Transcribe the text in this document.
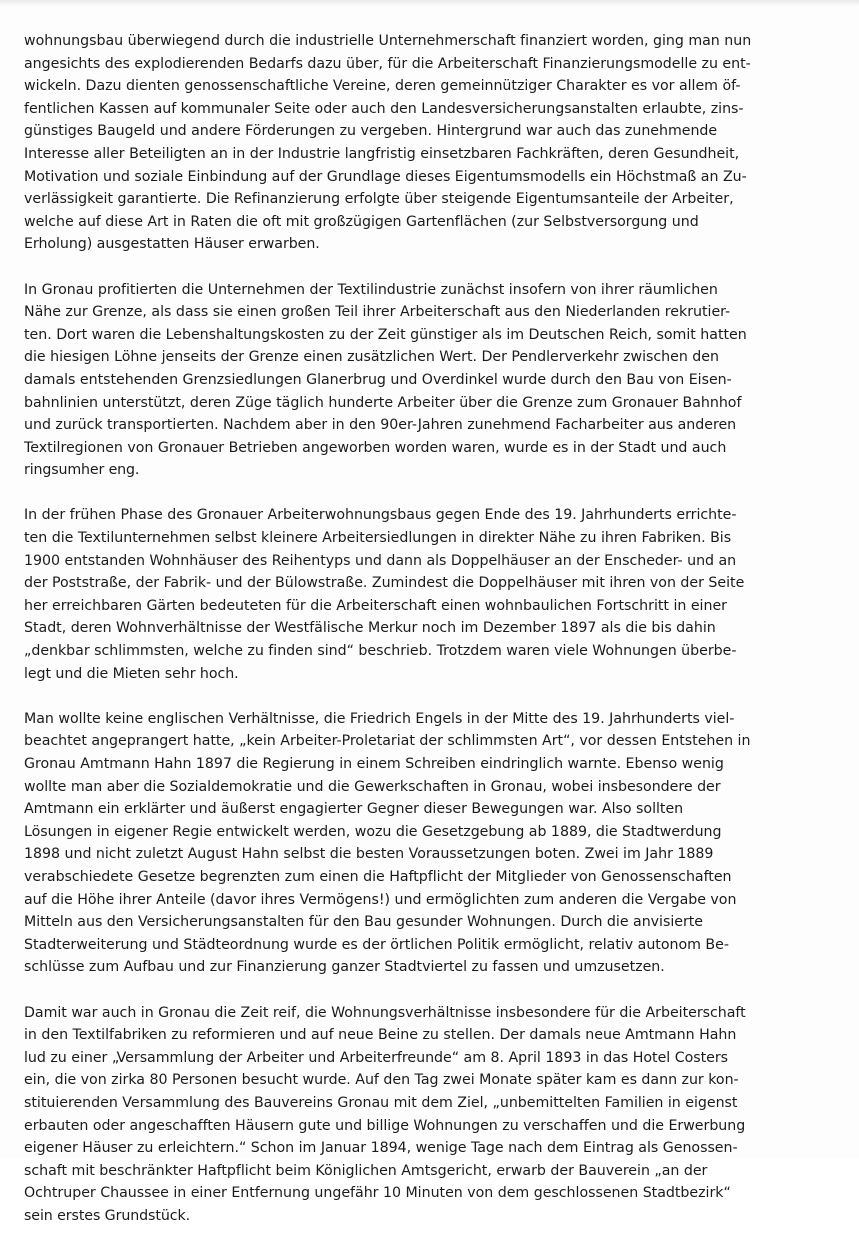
wohnungsbau überwiegend durch die industrielle Unternehmerschaft finanziert worden, ging man nun
angesichts des explodierenden Bedarfs dazu über, für die Arbeiterschaft Finanzierungsmodelle zu ent-
wickeln. Dazu dienten genossenschaftliche Vereine, deren gemeinnütziger Charakter es vor allem öf-
fentlichen Kassen auf kommunaler Seite oder auch den Landesversicherungsanstalten erlaubte, zins-
günstiges Baugeld und andere Förderungen zu vergeben. Hintergrund war auch das zunehmende
Interesse aller Beteiligten an in der Industrie langfristig einsetzbaren Fachkräften, deren Gesundheit,
Motivation und soziale Einbindung auf der Grundlage dieses Eigentumsmodells ein Höchstmaß an Zu-
verlässigkeit garantierte. Die Refinanzierung erfolgte über steigende Eigentumsanteile der Arbeiter,
welche auf diese Art in Raten die oft mit großzügigen Gartenflächen (zur Selbstversorgung und
Erholung) ausgestatten Häuser erwarben.

In Gronau profitierten die Unternehmen der Textilindustrie zunächst insofern von ihrer räumlichen
Nähe zur Grenze, als dass sie einen großen Teil ihrer Arbeiterschaft aus den Niederlanden rekrutier-
ten. Dort waren die Lebenshaltungskosten zu der Zeit günstiger als im Deutschen Reich, somit hatten
die hiesigen Löhne jenseits der Grenze einen zusätzlichen Wert. Der Pendlerverkehr zwischen den
damals entstehenden Grenzsiedlungen Glanerbrug und Overdinkel wurde durch den Bau von Eisen-
bahnlinien unterstützt, deren Züge täglich hunderte Arbeiter über die Grenze zum Gronauer Bahnhof
und zurück transportierten. Nachdem aber in den 90er-Jahren zunehmend Facharbeiter aus anderen
Textilregionen von Gronauer Betrieben angeworben worden waren, wurde es in der Stadt und auch
ringsumher eng.

In der frühen Phase des Gronauer Arbeiterwohnungsbaus gegen Ende des 19. Jahrhunderts errichte-
ten die Textilunternehmen selbst kleinere Arbeitersiedlungen in direkter Nähe zu ihren Fabriken. Bis
1900 entstanden Wohnhäuser des Reihentyps und dann als Doppelhäuser an der Enscheder- und an
der Poststraße, der Fabrik- und der Bülowstraße. Zumindest die Doppelhäuser mit ihren von der Seite
her erreichbaren Gärten bedeuteten für die Arbeiterschaft einen wohnbaulichen Fortschritt in einer
Stadt, deren Wohnverhältnisse der Westfälische Merkur noch im Dezember 1897 als die bis dahin
„denkbar schlimmsten, welche zu finden sind“ beschrieb. Trotzdem waren viele Wohnungen überbe-
legt und die Mieten sehr hoch.

Man wollte keine englischen Verhältnisse, die Friedrich Engels in der Mitte des 19. Jahrhunderts viel-
beachtet angeprangert hatte, „kein Arbeiter-Proletariat der schlimmsten Art“, vor dessen Entstehen in
Gronau Amtmann Hahn 1897 die Regierung in einem Schreiben eindringlich warnte. Ebenso wenig
wollte man aber die Sozialdemokratie und die Gewerkschaften in Gronau, wobei insbesondere der
Amtmann ein erklärter und äußerst engagierter Gegner dieser Bewegungen war. Also sollten
Lösungen in eigener Regie entwickelt werden, wozu die Gesetzgebung ab 1889, die Stadtwerdung
1898 und nicht zuletzt August Hahn selbst die besten Voraussetzungen boten. Zwei im Jahr 1889
verabschiedete Gesetze begrenzten zum einen die Haftpflicht der Mitglieder von Genossenschaften
auf die Höhe ihrer Anteile (davor ihres Vermögens!) und ermöglichten zum anderen die Vergabe von
Mitteln aus den Versicherungsanstalten für den Bau gesunder Wohnungen. Durch die anvisierte
Stadterweiterung und Städteordnung wurde es der örtlichen Politik ermöglicht, relativ autonom Be-
schlüsse zum Aufbau und zur Finanzierung ganzer Stadtviertel zu fassen und umzusetzen.

Damit war auch in Gronau die Zeit reif, die Wohnungsverhältnisse insbesondere für die Arbeiterschaft
in den Textilfabriken zu reformieren und auf neue Beine zu stellen. Der damals neue Amtmann Hahn
lud zu einer „Versammlung der Arbeiter und Arbeiterfreunde“ am 8. April 1893 in das Hotel Costers
ein, die von zirka 80 Personen besucht wurde. Auf den Tag zwei Monate später kam es dann zur kon-
stituierenden Versammlung des Bauvereins Gronau mit dem Ziel, „unbemittelten Familien in eigenst
erbauten oder angeschafften Häusern gute und billige Wohnungen zu verschaffen und die Erwerbung
eigener Häuser zu erleichtern.“ Schon im Januar 1894, wenige Tage nach dem Eintrag als Genossen-
schaft mit beschränkter Haftpflicht beim Königlichen Amtsgericht, erwarb der Bauverein „an der
Ochtruper Chaussee in einer Entfernung ungefähr 10 Minuten von dem geschlossenen Stadtbezirk“
sein erstes Grundstück.
